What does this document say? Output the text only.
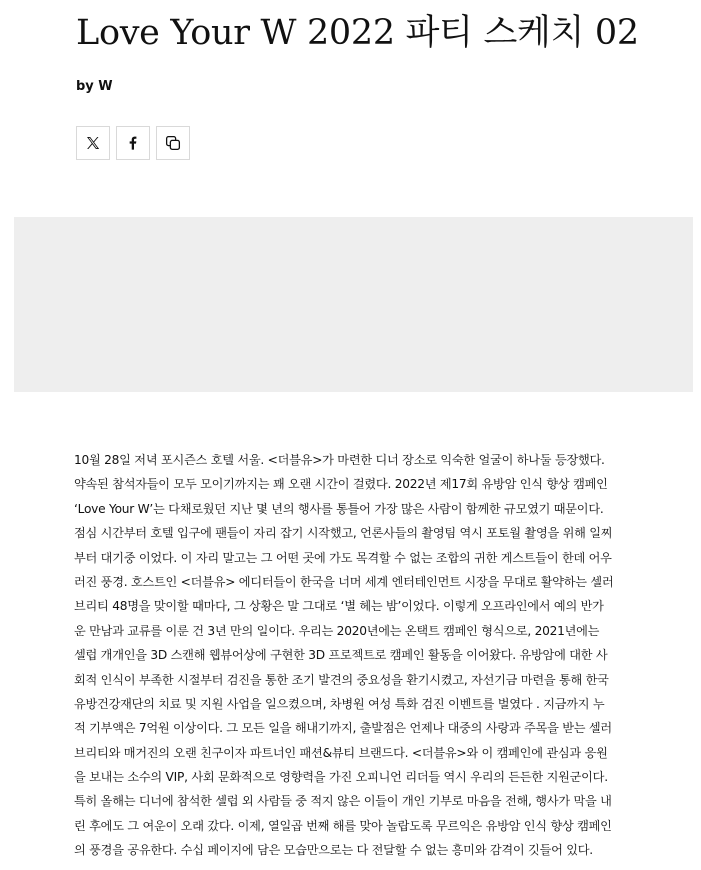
Love Your W 2022 파티 스케치 02
by W
10월 28일 저녁 포시즌스 호텔 서울. <더블유>가 마련한 디너 장소로 익숙한 얼굴이 하나둘 등장했다.
약속된 참석자들이 모두 모이기까지는 꽤 오랜 시간이 걸렸다. 2022년 제17회 유방암 인식 향상 캠페인
‘Love Your W’는 다채로웠던 지난 몇 년의 행사를 통틀어 가장 많은 사람이 함께한 규모였기 때문이다.
점심 시간부터 호텔 입구에 팬들이 자리 잡기 시작했고, 언론사들의 촬영팀 역시 포토월 촬영을 위해 일찌
부터 대기중 이었다. 이 자리 말고는 그 어떤 곳에 가도 목격할 수 없는 조합의 귀한 게스트들이 한데 어우
러진 풍경. 호스트인 <더블유> 에디터들이 한국을 너머 세계 엔터테인먼트 시장을 무대로 활약하는 셀러
브리티 48명을 맞이할 때마다, 그 상황은 말 그대로 ‘별 헤는 밤’이었다. 이렇게 오프라인에서 예의 반가
운 만남과 교류를 이룬 건 3년 만의 일이다. 우리는 2020년에는 온택트 캠페인 형식으로, 2021년에는
셀럽 개개인을 3D 스캔해 웹뷰어상에 구현한 3D 프로젝트로 캠페인 활동을 이어왔다. 유방암에 대한 사
회적 인식이 부족한 시절부터 검진을 통한 조기 발견의 중요성을 환기시켰고, 자선기금 마련을 통해 한국
유방건강재단의 치료 및 지원 사업을 일으켰으며, 차병원 여성 특화 검진 이벤트를 벌였다 . 지금까지 누
적 기부액은 7억원 이상이다. 그 모든 일을 해내기까지, 출발점은 언제나 대중의 사랑과 주목을 받는 셀러
브리티와 매거진의 오랜 친구이자 파트너인 패션&뷰티 브랜드다. <더블유>와 이 캠페인에 관심과 응원
을 보내는 소수의 VIP, 사회 문화적으로 영향력을 가진 오피니언 리더들 역시 우리의 든든한 지원군이다.
특히 올해는 디너에 참석한 셀럽 외 사람들 중 적지 않은 이들이 개인 기부로 마음을 전해, 행사가 막을 내
린 후에도 그 여운이 오래 갔다. 이제, 열일곱 번째 해를 맞아 놀랍도록 무르익은 유방암 인식 향상 캠페인
의 풍경을 공유한다. 수십 페이지에 담은 모습만으로는 다 전달할 수 없는 흥미와 감격이 깃들어 있다.
